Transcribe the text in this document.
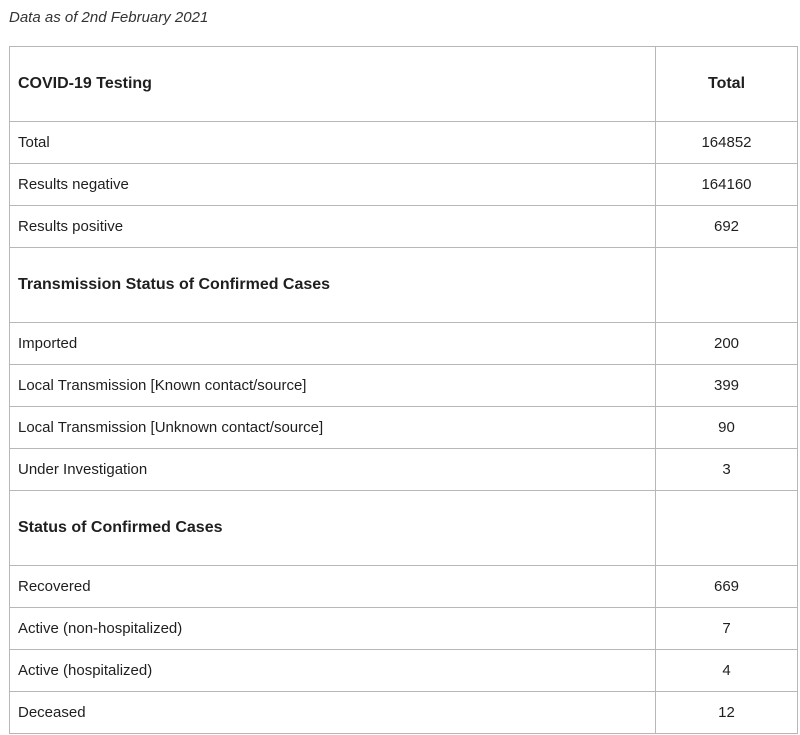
Data as of 2nd February 2021
COVID-19 Testing	Total
Total	164852
Results negative	164160
Results positive	692
Transmission Status of Confirmed Cases	
Imported	200
Local Transmission [Known contact/source]	399
Local Transmission [Unknown contact/source]	90
Under Investigation	3
Status of Confirmed Cases	
Recovered	669
Active (non-hospitalized)	7
Active (hospitalized)	4
Deceased	12
